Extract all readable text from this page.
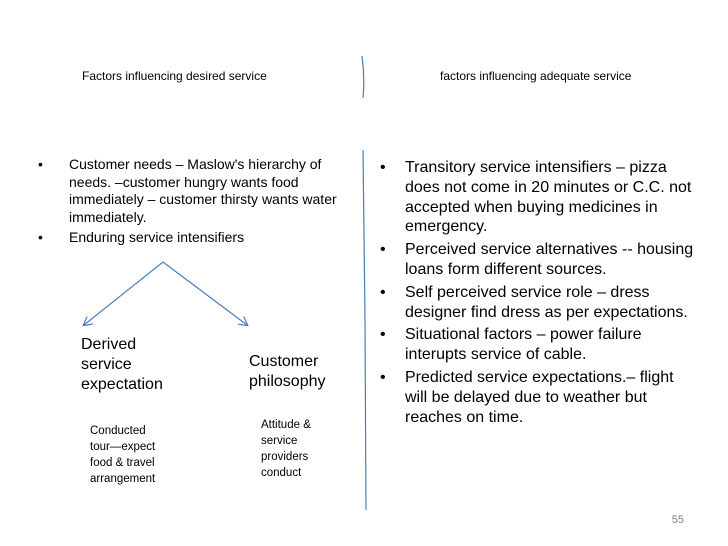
Factors influencing desired service	factors influencing adequate service
• Customer needs – Maslow's hierarchy of needs. –customer hungry wants food immediately – customer thirsty wants water immediately.
• Enduring service intensifiers
Derived
service
expectation
Customer
philosophy
Conducted
tour—expect
food & travel
arrangement
Attitude &
service
providers
conduct
• Transitory service intensifiers – pizza does not come in 20 minutes or C.C. not accepted when buying medicines in emergency.
• Perceived service alternatives -- housing loans form different sources.
• Self perceived service role – dress designer find dress as per expectations.
• Situational factors – power failure interupts service of cable.
• Predicted service expectations.– flight will be delayed due to weather but reaches on time.
55
